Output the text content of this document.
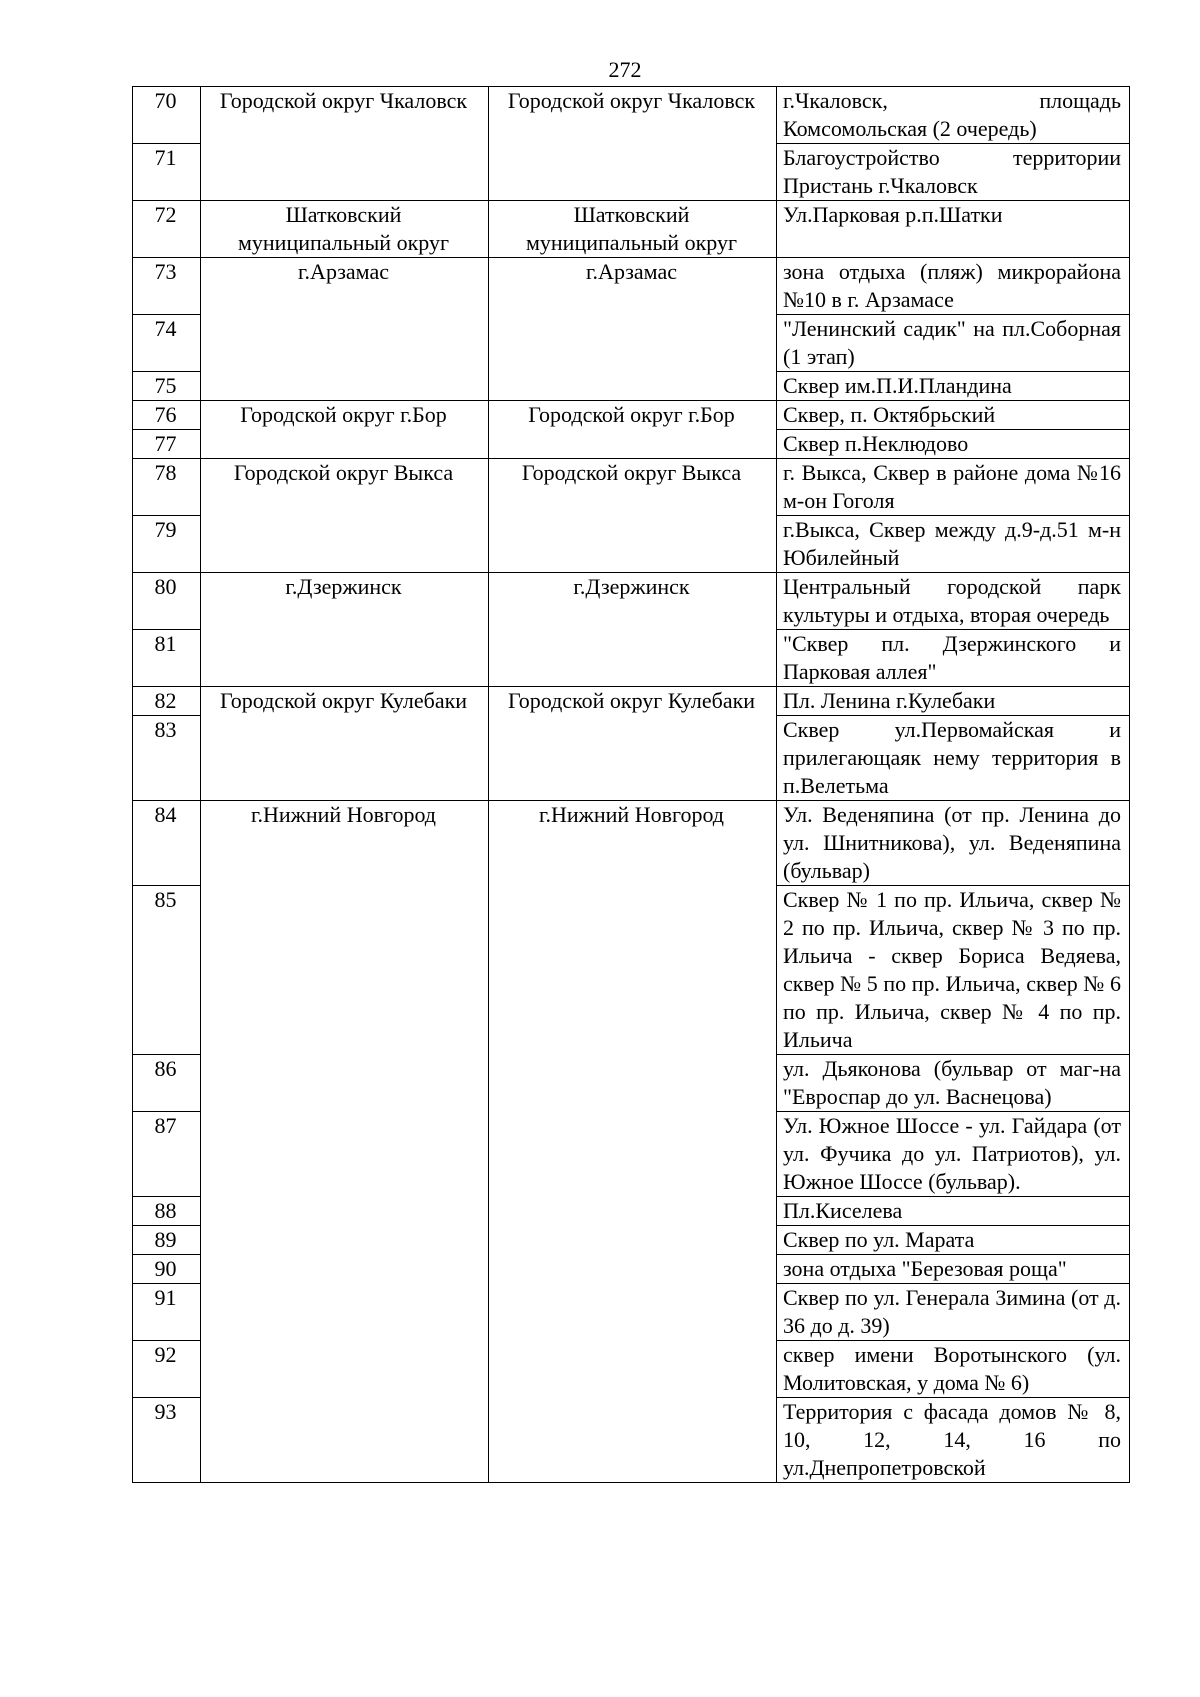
272
70	Городской округ Чкаловск	Городской округ Чкаловск	г.Чкаловск, площадь Комсомольская (2 очередь)
71			Благоустройство территории Пристань г.Чкаловск
72	Шатковский муниципальный округ	Шатковский муниципальный округ	Ул.Парковая р.п.Шатки
73	г.Арзамас	г.Арзамас	зона отдыха (пляж) микрорайона №10 в г. Арзамасе
74			"Ленинский садик" на пл.Соборная (1 этап)
75			Сквер им.П.И.Пландина
76	Городской округ г.Бор	Городской округ г.Бор	Сквер, п. Октябрьский
77			Сквер п.Неклюдово
78	Городской округ Выкса	Городской округ Выкса	г. Выкса, Сквер в районе дома №16 м-он Гоголя
79			г.Выкса, Сквер между д.9-д.51 м-н Юбилейный
80	г.Дзержинск	г.Дзержинск	Центральный городской парк культуры и отдыха, вторая очередь
81			"Сквер пл. Дзержинского и Парковая аллея"
82	Городской округ Кулебаки	Городской округ Кулебаки	Пл. Ленина г.Кулебаки
83			Сквер ул.Первомайская и прилегающаяк нему территория в п.Велетьма
84	г.Нижний Новгород	г.Нижний Новгород	Ул. Веденяпина (от пр. Ленина до ул. Шнитникова), ул. Веденяпина (бульвар)
85			Сквер № 1 по пр. Ильича, сквер № 2 по пр. Ильича, сквер № 3 по пр. Ильича - сквер Бориса Ведяева, сквер № 5 по пр. Ильича, сквер № 6 по пр. Ильича, сквер № 4 по пр. Ильича
86			ул. Дьяконова (бульвар от маг-на "Евроспар до ул. Васнецова)
87			Ул. Южное Шоссе - ул. Гайдара (от ул. Фучика до ул. Патриотов), ул. Южное Шоссе (бульвар).
88			Пл.Киселева
89			Сквер по ул. Марата
90			зона отдыха "Березовая роща"
91			Сквер по ул. Генерала Зимина (от д. 36 до д. 39)
92			сквер имени Воротынского (ул. Молитовская, у дома № 6)
93			Территория с фасада домов № 8, 10, 12, 14, 16 по ул.Днепропетровской
